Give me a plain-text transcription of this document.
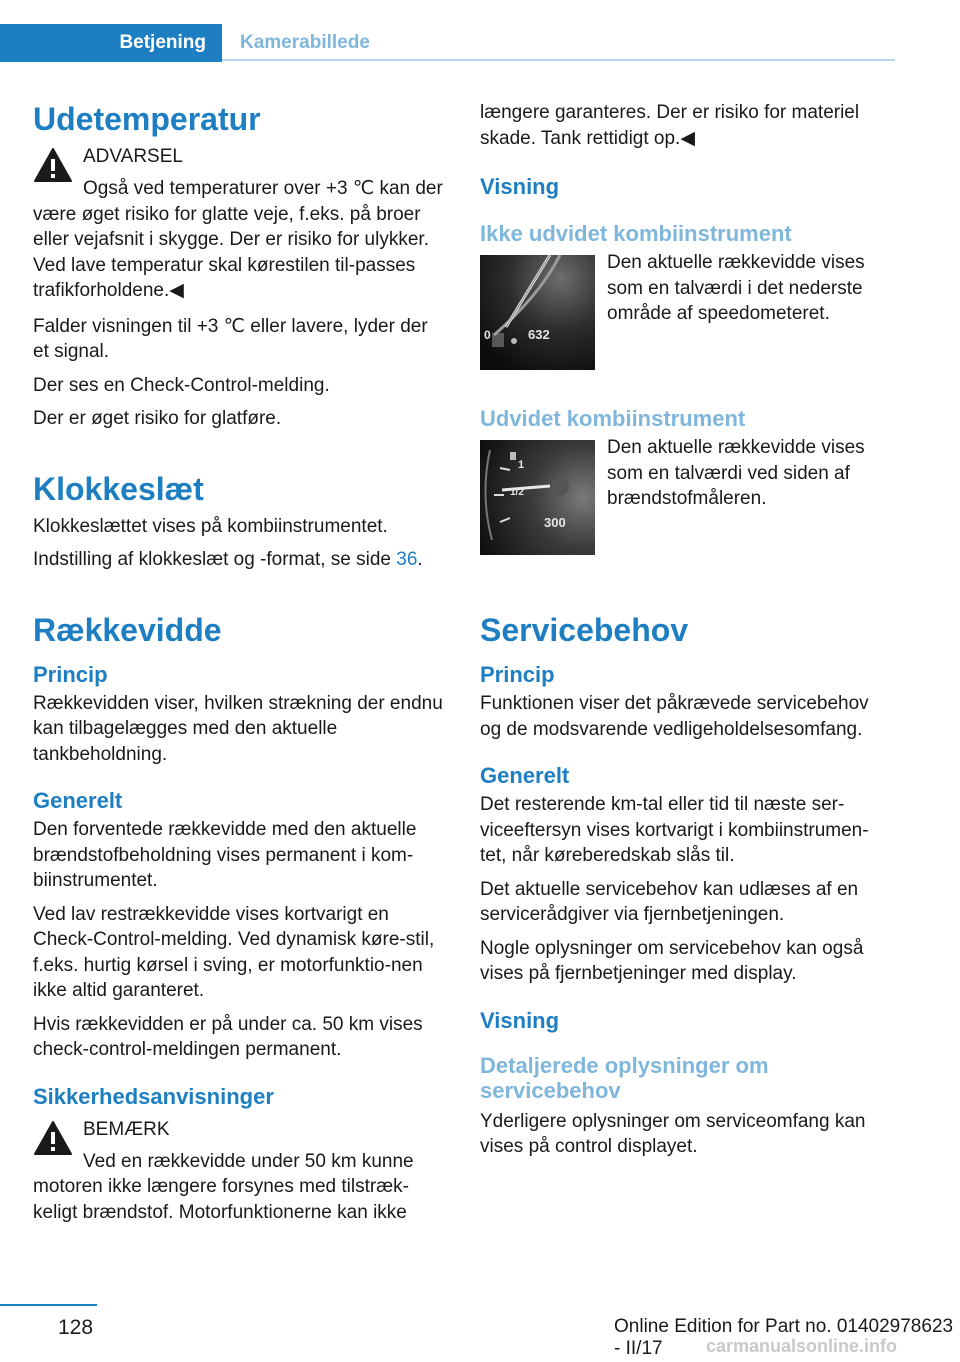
Betjening	Kamerabillede
Udetemperatur
ADVARSEL

Også ved temperaturer over +3 ℃ kan der være øget risiko for glatte veje, f.eks. på broer eller vejafsnit i skygge. Der er risiko for ulykker. Ved lave temperatur skal kørestilen til‐passes trafikforholdene.◀

Falder visningen til +3 ℃ eller lavere, lyder der et signal.

Der ses en Check-Control-melding.

Der er øget risiko for glatføre.

Klokkeslæt

Klokkeslættet vises på kombiinstrumentet.

Indstilling af klokkeslæt og -format, se side 36.

Rækkevidde
Princip

Rækkevidden viser, hvilken strækning der endnu kan tilbagelægges med den aktuelle tankbeholdning.

Generelt

Den forventede rækkevidde med den aktuelle brændstofbeholdning vises permanent i kom‐biinstrumentet.

Ved lav restrækkevidde vises kortvarigt en Check-Control-melding. Ved dynamisk køre‐stil, f.eks. hurtig kørsel i sving, er motorfunktio‐nen ikke altid garanteret.

Hvis rækkevidden er på under ca. 50 km vises check-control-meldingen permanent.

Sikkerhedsanvisninger
BEMÆRK

Ved en rækkevidde under 50 km kunne motoren ikke længere forsynes med tilstræk‐keligt brændstof. Motorfunktionerne kan ikke

længere garanteres. Der er risiko for materiel skade. Tank rettidigt op.◀

Visning
Ikke udvidet kombiinstrument
0	632
Den aktuelle rækkevidde vises som en talværdi i det nederste område af speedometeret.
Udvidet kombiinstrument
1
1/2
300
Den aktuelle rækkevidde vises som en talværdi ved siden af brændstofmåleren.
Servicebehov
Princip

Funktionen viser det påkrævede servicebehov og de modsvarende vedligeholdelsesomfang.

Generelt

Det resterende km-tal eller tid til næste ser‐viceeftersyn vises kortvarigt i kombiinstrumen‐tet, når køreberedskab slås til.

Det aktuelle servicebehov kan udlæses af en servicerådgiver via fjernbetjeningen.

Nogle oplysninger om servicebehov kan også vises på fjernbetjeninger med display.

Visning
Detaljerede oplysninger om servicebehov

Yderligere oplysninger om serviceomfang kan vises på control displayet.

128	Online Edition for Part no. 01402978623 - II/17	carmanualsonline.info
